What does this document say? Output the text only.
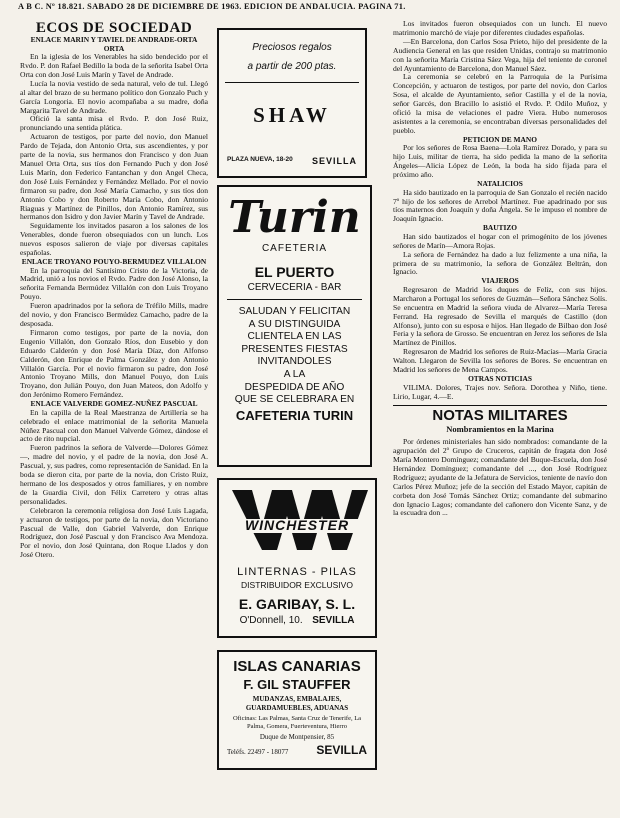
A B C. Nº 18.821. SABADO 28 DE DICIEMBRE DE 1963. EDICION DE ANDALUCIA. PAGINA 71.
ECOS DE SOCIEDAD
ENLACE MARIN Y TAVIEL DE ANDRADE-ORTA ORTA

En la iglesia de los Venerables ha sido bendecido por el Rvdo. P. don Rafael Bedillo la boda de la señorita Isabel Orta Orta con don José Luis Marín y Tavel de Andrade.

Lucía la novia vestido de seda natural, velo de tul. Llegó al altar del brazo de su hermano político don Gonzalo Puch y García Longoria. El novio acompañaba a su madre, doña Margarita Tavel de Andrade.

Ofició la santa misa el Rvdo. P. don José Ruiz, pronunciando una sentida plática.

Actuaron de testigos, por parte del novio, don Manuel Pardo de Tejada, don Antonio Orta, sus ascendientes, y por parte de la novia, sus hermanos don Francisco y don Juan Manuel Orta Orta, sus tíos don Fernando Puch y don José Luis Marín, don Federico Fantanchan y don Angel Checa, don José Luis Fernández y Fernández Mellado. Por el novio firmaron su padre, don José María Camacho, y sus tíos don Antonio Cobo y don Roberto María Cobo, don Antonio Riaguas y Martínez de Pinillos, don Antonio Ramírez, sus hermanos don Isidro y don Javier Marín y Tavel de Andrade.

Seguidamente los invitados pasaron a los salones de los Venerables, donde fueron obsequiados con un lunch. Los nuevos esposos salieron de viaje por diversas capitales españolas.

ENLACE TROYANO POUYO-BERMUDEZ VILLALON

En la parroquia del Santísimo Cristo de la Victoria, de Madrid, unió a los novios el Rvdo. Padre don José Alonso, la señorita Fernanda Bermúdez Villalón con don Luis Troyano Pouyo.

Fueron apadrinados por la señora de Tréfilo Mills, madre del novio, y don Francisco Bermúdez Camacho, padre de la desposada.

Firmaron como testigos, por parte de la novia, don Eugenio Villalón, don Gonzalo Ríos, don Eusebio y don Eduardo Calderón y don José María Díaz, don Alfonso Calderón, don Enrique de Palma González y don Antonio Villalón García. Por el novio firmaron su padre, don José Antonio Troyano Mills, don Manuel Pouyo, don Luis Troyano, don Julián Pouyo, don Juan Mateos, don Adolfo y don Jerónimo Romero Fernández.

ENLACE VALVERDE GOMEZ-NUÑEZ PASCUAL

En la capilla de la Real Maestranza de Artillería se ha celebrado el enlace matrimonial de la señorita Manuela Núñez Pascual con don Manuel Valverde Gómez, dándose el acto de rito nupcial.

Fueron padrinos la señora de Valverde—Dolores Gómez—, madre del novio, y el padre de la novia, don José A. Pascual, y, sus padres, como representación de Sanidad. En la boda se dieron cita, por parte de la novia, don Cristo Ruiz, hermano de los desposados y otros familiares, y en nombre de la Guardia Civil, don Félix Carretero y otras altas personalidades.

Celebraron la ceremonia religiosa don José Luis Lagada, y actuaron de testigos, por parte de la novia, don Victoriano Pascual de Valle, don Gabriel Valverde, don Enrique Rodríguez, don José Pascual y don Francisco Ava Mendoza. Por el novio, don José Quintana, don Roque Llados y don José Otero.

Preciosos regalos
a partir de 200 ptas.
SHAW
PLAZA NUEVA, 18-20 SEVILLA
Turin
CAFETERIA
EL PUERTO
CERVECERIA - BAR
SALUDAN Y FELICITAN
A SU DISTINGUIDA
CLIENTELA EN LAS
PRESENTES FIESTAS
INVITANDOLES
A LA
DESPEDIDA DE AÑO
QUE SE CELEBRARA EN
CAFETERIA TURIN
WINCHESTER
LINTERNAS - PILAS
DISTRIBUIDOR EXCLUSIVO
E. GARIBAY, S. L.
O'Donnell, 10. SEVILLA
ISLAS CANARIAS
F. GIL STAUFFER
MUDANZAS, EMBALAJES, GUARDAMUEBLES, ADUANAS
Oficinas: Las Palmas, Santa Cruz de Tenerife, La Palma, Gomera, Fuerteventura, Hierro
Duque de Montpensier, 85
Teléfs. 22497 - 18077 SEVILLA

Los invitados fueron obsequiados con un lunch. El nuevo matrimonio marchó de viaje por diferentes ciudades españolas.

—En Barcelona, don Carlos Sosa Prieto, hijo del presidente de la Audiencia General en las que residen Unidas, contrajo su matrimonio con la señorita María Cristina Sáez Vega, hija del teniente de coronel del Ayuntamiento de Barcelona, don Manuel Sáez.

La ceremonia se celebró en la Parroquia de la Purísima Concepción, y actuaron de testigos, por parte del novio, don Carlos Sosa, el alcalde de Ayuntamiento, señor Castilla y el de la novia, señor Garcés, don Bracillo lo asistió el Rvdo. P. Odilo Muñoz, y ofició la misa de velaciones el padre Viera. Hubo numerosos asistentes a la ceremonia, se encontraban diversas personalidades del pueblo.

PETICION DE MANO

Por los señores de Rosa Baena—Lola Ramírez Dorado, y para su hijo Luis, militar de tierra, ha sido pedida la mano de la señorita Ángeles—Alicia López de León, la boda ha sido fijada para el próximo año.

NATALICIOS

Ha sido bautizado en la parroquia de San Gonzalo el recién nacido 7º hijo de los señores de Arrebol Martínez. Fue apadrinado por sus tíos maternos don Joaquín y doña Ángela. Se le impuso el nombre de Joaquín Ignacio.

BAUTIZO

Han sido bautizados el hogar con el primogénito de los jóvenes señores de Marín—Amora Rojas.

La señora de Fernández ha dado a luz felizmente a una niña, la primera de su matrimonio, la señora de González Beltrán, don Ignacio.

VIAJEROS

Regresaron de Madrid los duques de Felíz, con sus hijos. Marcharon a Portugal los señores de Guzmán—Señora Sánchez Solís. Se encuentra en Madrid la señora viuda de Alvarez—María Teresa Ferrand. Ha regresado de Sevilla el marqués de Castillo (don Alfonso), junto con su esposa e hijos. Han llegado de Bilbao don José Feria y la señora de Grosso. Se encuentran en Jerez los señores de Isla Martínez de Pinillos.

Regresaron de Madrid los señores de Ruiz-Macías—María Gracia Walton. Llegaron de Sevilla los señores de Bores. Se encuentran en Madrid los señores de Mena Campos.

OTRAS NOTICIAS

VILIMA. Dolores, Trajes nov. Señora. Dorothea y Niño, tiene. Lirio, Lugar, 4.—E.

NOTAS MILITARES
Nombramientos en la Marina

Por órdenes ministeriales han sido nombrados: comandante de la agrupación del 2º Grupo de Cruceros, capitán de fragata don José María Montero Domínguez; comandante del Buque-Escuela, don José Hernández Domínguez; comandante del ..., don José Rodríguez Rodríguez; ayudante de la Jefatura de Servicios, teniente de navío don Carlos Pérez Muñoz; jefe de la sección del Estado Mayor, capitán de corbeta don José Tomás Sánchez Ortiz; comandante del submarino don Ignacio Lagos; comandante del cañonero don Vicente Sanz, y de la escuadra don ...
